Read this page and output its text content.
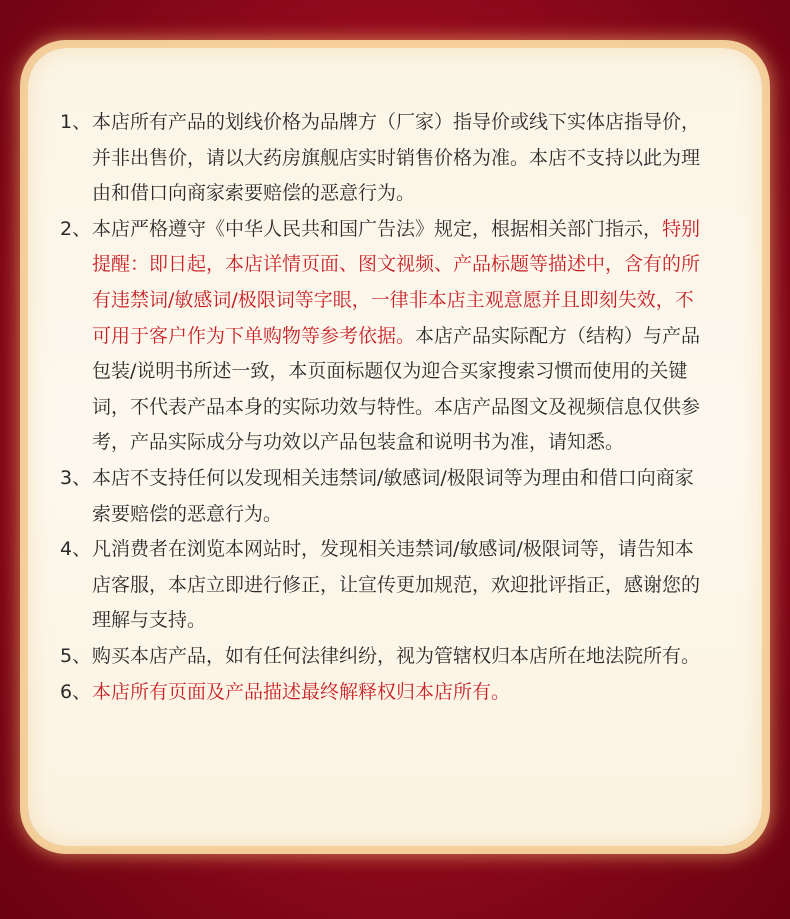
1、本店所有产品的划线价格为品牌方（厂家）指导价或线下实体店指导价，
并非出售价，请以大药房旗舰店实时销售价格为准。本店不支持以此为理
由和借口向商家索要赔偿的恶意行为。
2、本店严格遵守《中华人民共和国广告法》规定，根据相关部门指示，特别
提醒：即日起，本店详情页面、图文视频、产品标题等描述中，含有的所
有违禁词/敏感词/极限词等字眼，一律非本店主观意愿并且即刻失效，不
可用于客户作为下单购物等参考依据。本店产品实际配方（结构）与产品
包装/说明书所述一致，本页面标题仅为迎合买家搜索习惯而使用的关键
词，不代表产品本身的实际功效与特性。本店产品图文及视频信息仅供参
考，产品实际成分与功效以产品包装盒和说明书为准，请知悉。
3、本店不支持任何以发现相关违禁词/敏感词/极限词等为理由和借口向商家
索要赔偿的恶意行为。
4、凡消费者在浏览本网站时，发现相关违禁词/敏感词/极限词等，请告知本
店客服，本店立即进行修正，让宣传更加规范，欢迎批评指正，感谢您的
理解与支持。
5、购买本店产品，如有任何法律纠纷，视为管辖权归本店所在地法院所有。
6、本店所有页面及产品描述最终解释权归本店所有。
